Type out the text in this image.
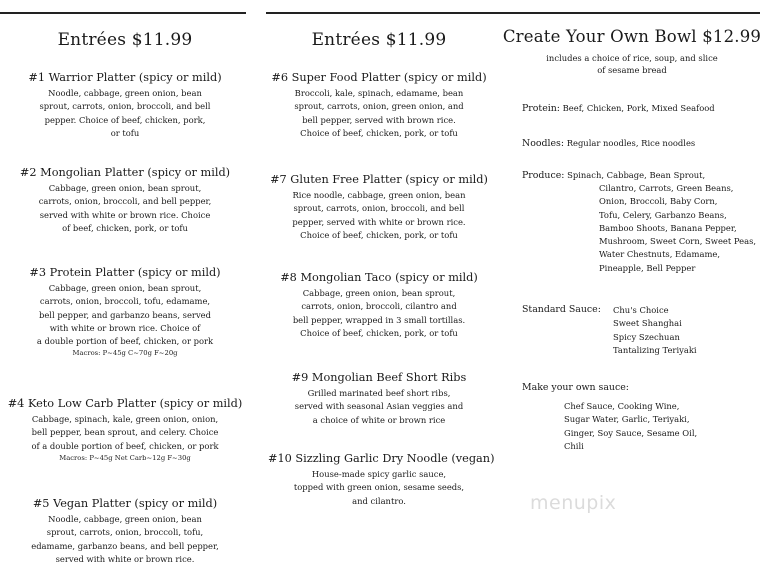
Entrées $11.99
#1 Warrior Platter (spicy or mild)
Noodle, cabbage, green onion, bean
sprout, carrots, onion, broccoli, and bell
pepper. Choice of beef, chicken, pork,
or tofu
#2 Mongolian Platter (spicy or mild)
Cabbage, green onion, bean sprout,
carrots, onion, broccoli, and bell pepper,
served with white or brown rice. Choice
of beef, chicken, pork, or tofu
#3 Protein Platter (spicy or mild)
Cabbage, green onion, bean sprout,
carrots, onion, broccoli, tofu, edamame,
bell pepper, and garbanzo beans, served
with white or brown rice. Choice of
a double portion of beef, chicken, or pork
Macros: P~45g C~70g F~20g
#4 Keto Low Carb Platter (spicy or mild)
Cabbage, spinach, kale, green onion, onion,
bell pepper, bean sprout, and celery. Choice
of a double portion of beef, chicken, or pork
Macros: P~45g Net Carb~12g F~30g
#5 Vegan Platter (spicy or mild)
Noodle, cabbage, green onion, bean
sprout, carrots, onion, broccoli, tofu,
edamame, garbanzo beans, and bell pepper,
served with white or brown rice.
Entrées $11.99
#6 Super Food Platter (spicy or mild)
Broccoli, kale, spinach, edamame, bean
sprout, carrots, onion, green onion, and
bell pepper, served with brown rice.
Choice of beef, chicken, pork, or tofu
#7 Gluten Free Platter (spicy or mild)
Rice noodle, cabbage, green onion, bean
sprout, carrots, onion, broccoli, and bell
pepper, served with white or brown rice.
Choice of beef, chicken, pork, or tofu
#8 Mongolian Taco (spicy or mild)
Cabbage, green onion, bean sprout,
carrots, onion, broccoli, cilantro and
bell pepper, wrapped in 3 small tortillas.
Choice of beef, chicken, pork, or tofu
#9 Mongolian Beef Short Ribs
Grilled marinated beef short ribs,
served with seasonal Asian veggies and
a choice of white or brown rice
#10 Sizzling Garlic Dry Noodle (vegan)
House-made spicy garlic sauce,
topped with green onion, sesame seeds,
and cilantro.
Create Your Own Bowl $12.99
includes a choice of rice, soup, and slice
of sesame bread
Protein: Beef, Chicken, Pork, Mixed Seafood
Noodles: Regular noodles, Rice noodles
Produce: Spinach, Cabbage, Bean Sprout,
Cilantro, Carrots, Green Beans,
Onion, Broccoli, Baby Corn,
Tofu, Celery, Garbanzo Beans,
Bamboo Shoots, Banana Pepper,
Mushroom, Sweet Corn, Sweet Peas,
Water Chestnuts, Edamame,
Pineapple, Bell Pepper
Standard Sauce:	Chu's Choice
Sweet Shanghai
Spicy Szechuan
Tantalizing Teriyaki
Make your own sauce:
Chef Sauce, Cooking Wine,
Sugar Water, Garlic, Teriyaki,
Ginger, Soy Sauce, Sesame Oil,
Chili
menupix
